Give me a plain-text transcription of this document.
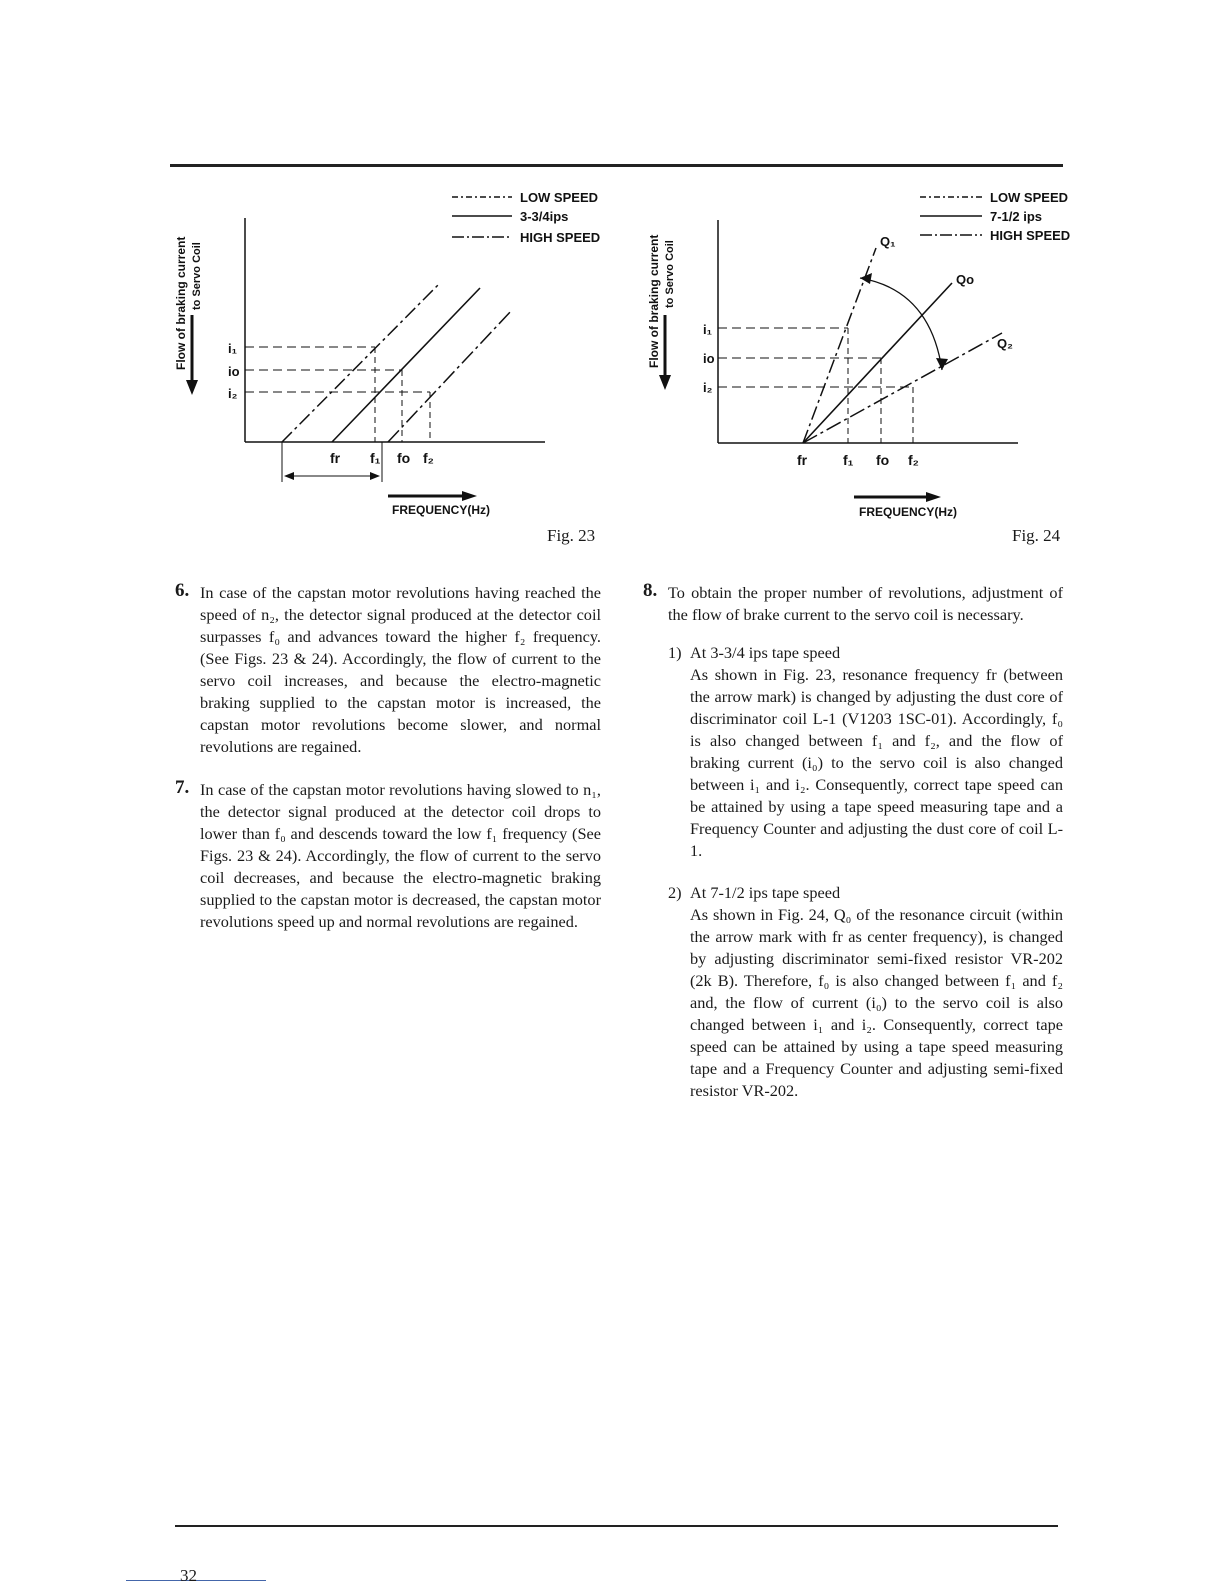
LOW SPEED
3-3/4ips
HIGH SPEED
Flow of braking current to Servo Coil
i₁
io
i₂
fr f₁ fo f₂
FREQUENCY(Hz)
Fig. 23
LOW SPEED
7-1/2 ips
HIGH SPEED
Flow of braking current to Servo Coil
i₁
io
i₂
Q₁
Qo
Q₂
fr	f₁ fo f₂
FREQUENCY(Hz)
Fig. 24
6. In case of the capstan motor revolutions having reached the speed of n₂, the detector signal produced at the detector coil surpasses f₀ and advances toward the higher f₂ frequency. (See Figs. 23 & 24). Accordingly, the flow of current to the servo coil increases, and because the electro-magnetic braking supplied to the capstan motor is increased, the capstan motor revolutions become slower, and normal revolutions are regained.
7. In case of the capstan motor revolutions having slowed to n₁, the detector signal produced at the detector coil drops to lower than f₀ and descends toward the low f₁ frequency (See Figs. 23 & 24). Accordingly, the flow of current to the servo coil decreases, and because the electro-magnetic braking supplied to the capstan motor is decreased, the capstan motor revolutions speed up and normal revolutions are regained.
8. To obtain the proper number of revolutions, adjustment of the flow of brake current to the servo coil is necessary.
1) At 3-3/4 ips tape speed
As shown in Fig. 23, resonance frequency fr (between the arrow mark) is changed by adjusting the dust core of discriminator coil L-1 (V1203 1SC-01). Accordingly, f₀ is also changed between f₁ and f₂, and the flow of braking current (i₀) to the servo coil is also changed between i₁ and i₂. Consequently, correct tape speed can be attained by using a tape speed measuring tape and a Frequency Counter and adjusting the dust core of coil L-1.
2) At 7-1/2 ips tape speed
As shown in Fig. 24, Q₀ of the resonance circuit (within the arrow mark with fr as center frequency), is changed by adjusting discriminator semi-fixed resistor VR-202 (2k B). Therefore, f₀ is also changed between f₁ and f₂ and, the flow of current (i₀) to the servo coil is also changed between i₁ and i₂. Consequently, correct tape speed can be attained by using a tape speed measuring tape and a Frequency Counter and adjusting semi-fixed resistor VR-202.
32
